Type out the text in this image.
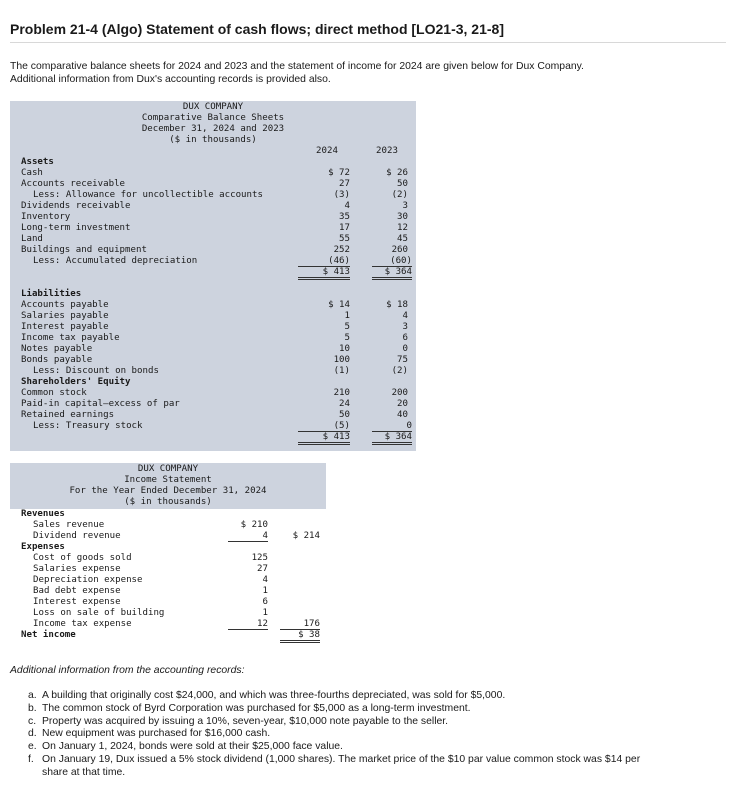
Problem 21-4 (Algo) Statement of cash flows; direct method [LO21-3, 21-8]
The comparative balance sheets for 2024 and 2023 and the statement of income for 2024 are given below for Dux Company.
Additional information from Dux's accounting records is provided also.
DUX COMPANY
Comparative Balance Sheets
December 31, 2024 and 2023
($ in thousands)
2024	2023
Assets
Cash	$ 72	$ 26
Accounts receivable	27	50
Less: Allowance for uncollectible accounts	(3)	(2)
Dividends receivable	4	3
Inventory	35	30
Long-term investment	17	12
Land	55	45
Buildings and equipment	252	260
Less: Accumulated depreciation	(46)	(60)
$ 413	$ 364
Liabilities
Accounts payable	$ 14	$ 18
Salaries payable	1	4
Interest payable	5	3
Income tax payable	5	6
Notes payable	10	0
Bonds payable	100	75
Less: Discount on bonds	(1)	(2)
Shareholders' Equity
Common stock	210	200
Paid-in capital—excess of par	24	20
Retained earnings	50	40
Less: Treasury stock	(5)	0
$ 413	$ 364
DUX COMPANY
Income Statement
For the Year Ended December 31, 2024
($ in thousands)
Revenues
Sales revenue	$ 210
Dividend revenue	4	$ 214
Expenses
Cost of goods sold	125
Salaries expense	27
Depreciation expense	4
Bad debt expense	1
Interest expense	6
Loss on sale of building	1
Income tax expense	12	176
Net income	$ 38
Additional information from the accounting records:
a. A building that originally cost $24,000, and which was three-fourths depreciated, was sold for $5,000.
b. The common stock of Byrd Corporation was purchased for $5,000 as a long-term investment.
c. Property was acquired by issuing a 10%, seven-year, $10,000 note payable to the seller.
d. New equipment was purchased for $16,000 cash.
e. On January 1, 2024, bonds were sold at their $25,000 face value.
f. On January 19, Dux issued a 5% stock dividend (1,000 shares). The market price of the $10 par value common stock was $14 per
share at that time.
